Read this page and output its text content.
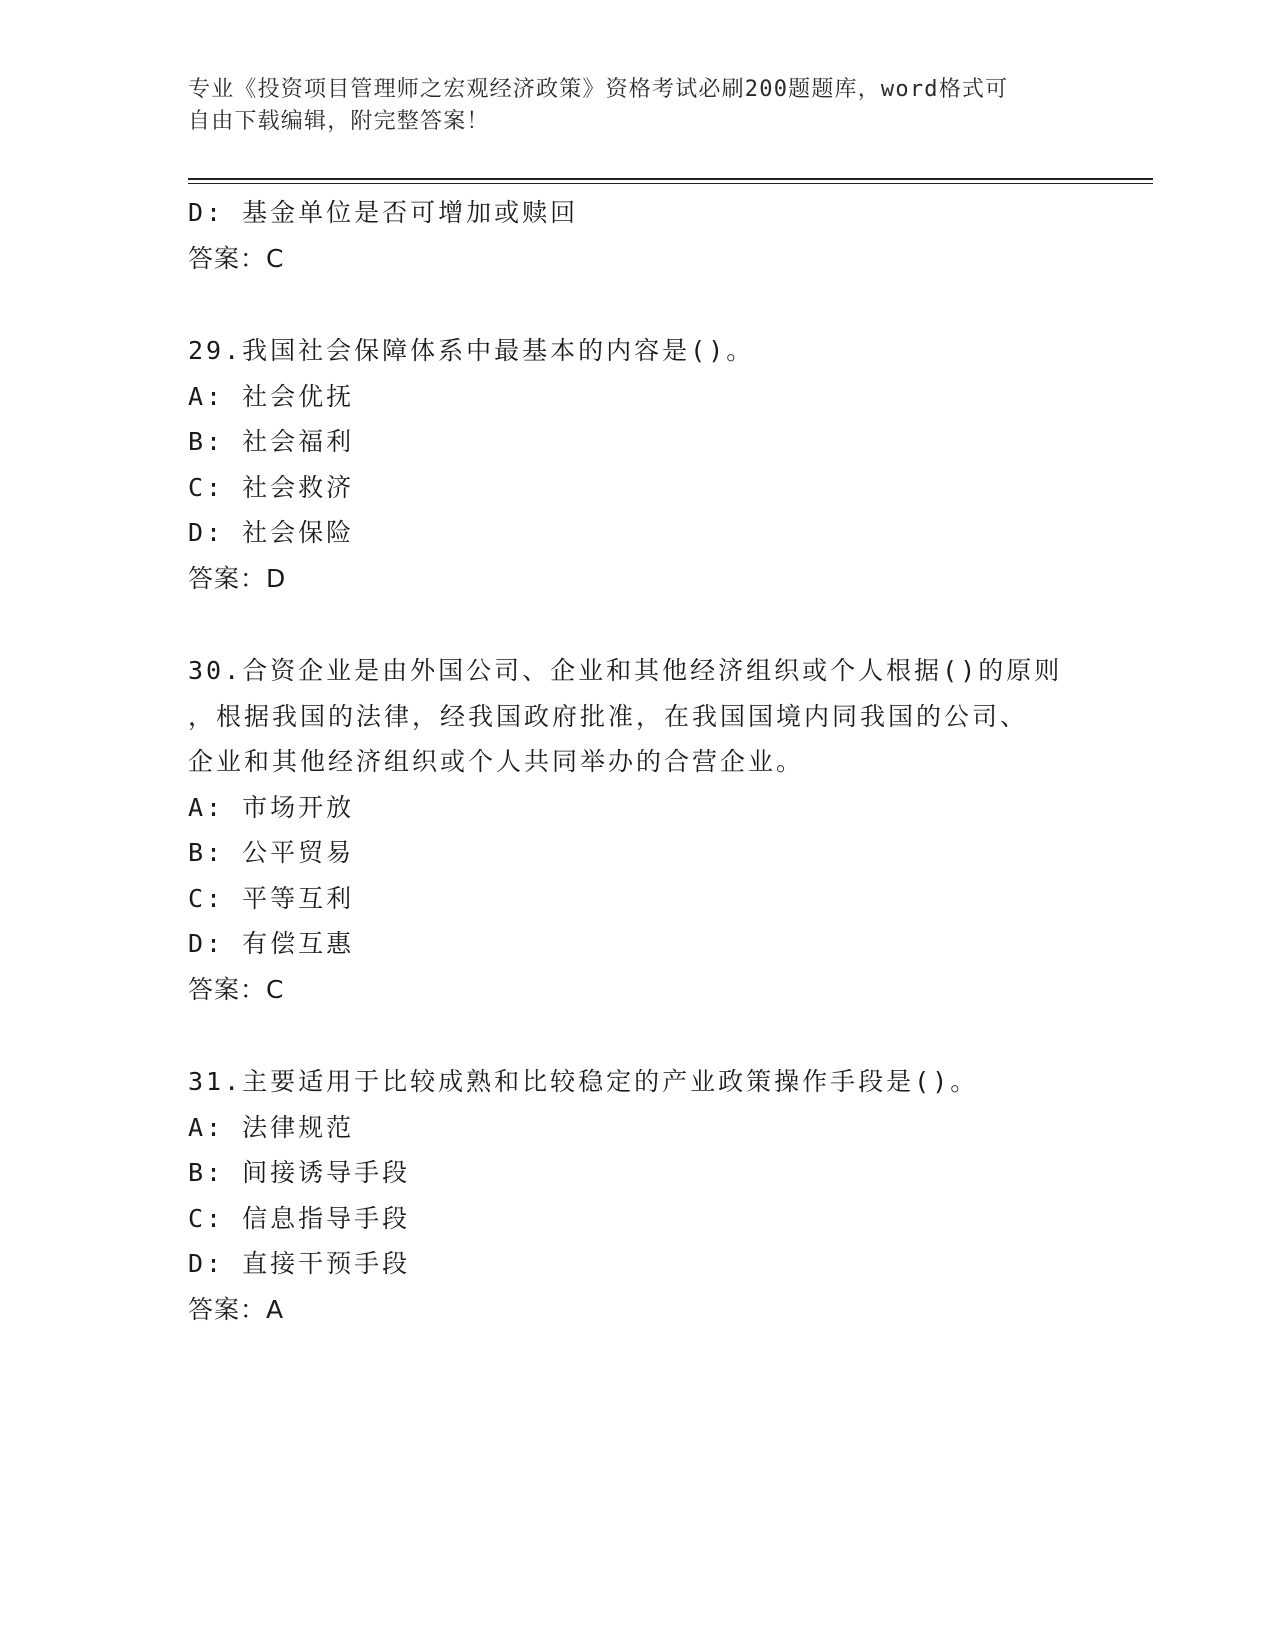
专业《投资项目管理师之宏观经济政策》资格考试必刷200题题库，word格式可
自由下载编辑，附完整答案！
D: 基金单位是否可增加或赎回
答案：C
29.我国社会保障体系中最基本的内容是()。
A: 社会优抚
B: 社会福利
C: 社会救济
D: 社会保险
答案：D
30.合资企业是由外国公司、企业和其他经济组织或个人根据()的原则
，根据我国的法律，经我国政府批准，在我国国境内同我国的公司、
企业和其他经济组织或个人共同举办的合营企业。
A: 市场开放
B: 公平贸易
C: 平等互利
D: 有偿互惠
答案：C
31.主要适用于比较成熟和比较稳定的产业政策操作手段是()。
A: 法律规范
B: 间接诱导手段
C: 信息指导手段
D: 直接干预手段
答案：A
